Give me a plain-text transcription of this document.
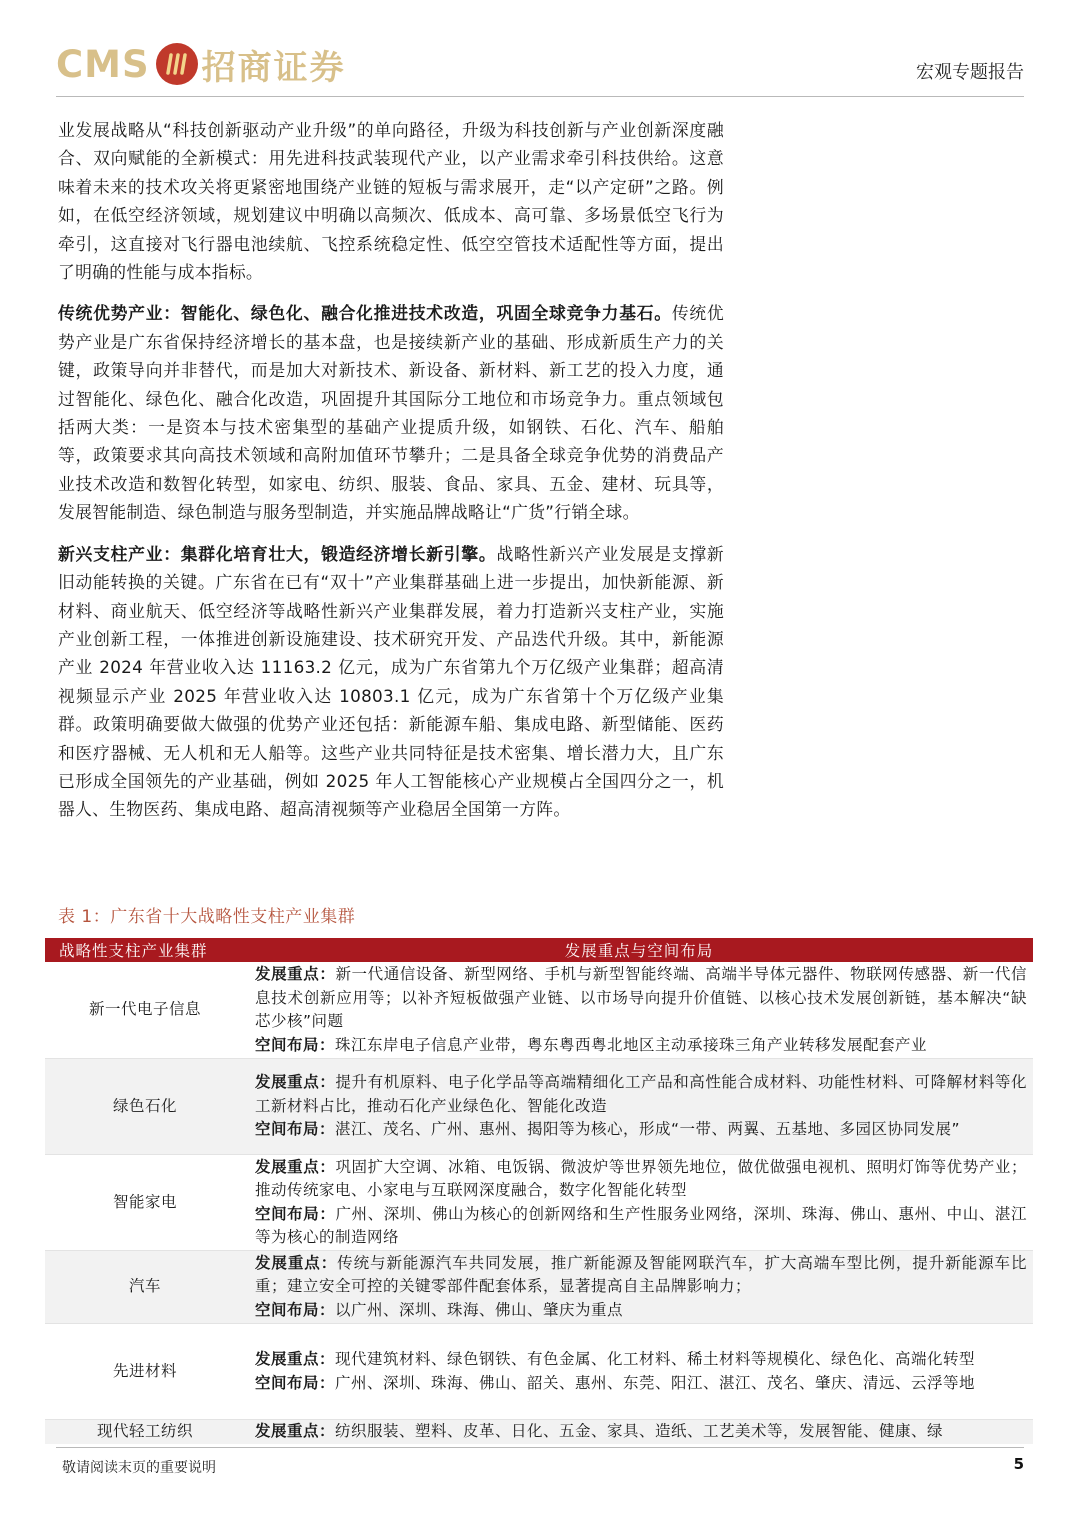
CMS 招商证券	宏观专题报告

业发展战略从“科技创新驱动产业升级”的单向路径，升级为科技创新与产业创新深度融合、双向赋能的全新模式：用先进科技武装现代产业，以产业需求牵引科技供给。这意味着未来的技术攻关将更紧密地围绕产业链的短板与需求展开，走“以产定研”之路。例如，在低空经济领域，规划建议中明确以高频次、低成本、高可靠、多场景低空飞行为牵引，这直接对飞行器电池续航、飞控系统稳定性、低空空管技术适配性等方面，提出了明确的性能与成本指标。

传统优势产业：智能化、绿色化、融合化推进技术改造，巩固全球竞争力基石。传统优势产业是广东省保持经济增长的基本盘，也是接续新产业的基础、形成新质生产力的关键，政策导向并非替代，而是加大对新技术、新设备、新材料、新工艺的投入力度，通过智能化、绿色化、融合化改造，巩固提升其国际分工地位和市场竞争力。重点领域包括两大类：一是资本与技术密集型的基础产业提质升级，如钢铁、石化、汽车、船舶等，政策要求其向高技术领域和高附加值环节攀升；二是具备全球竞争优势的消费品产业技术改造和数智化转型，如家电、纺织、服装、食品、家具、五金、建材、玩具等，发展智能制造、绿色制造与服务型制造，并实施品牌战略让“广货”行销全球。

新兴支柱产业：集群化培育壮大，锻造经济增长新引擎。战略性新兴产业发展是支撑新旧动能转换的关键。广东省在已有“双十”产业集群基础上进一步提出，加快新能源、新材料、商业航天、低空经济等战略性新兴产业集群发展，着力打造新兴支柱产业，实施产业创新工程，一体推进创新设施建设、技术研究开发、产品迭代升级。其中，新能源产业 2024 年营业收入达 11163.2 亿元，成为广东省第九个万亿级产业集群；超高清视频显示产业 2025 年营业收入达 10803.1 亿元，成为广东省第十个万亿级产业集群。政策明确要做大做强的优势产业还包括：新能源车船、集成电路、新型储能、医药和医疗器械、无人机和无人船等。这些产业共同特征是技术密集、增长潜力大，且广东已形成全国领先的产业基础，例如 2025 年人工智能核心产业规模占全国四分之一，机器人、生物医药、集成电路、超高清视频等产业稳居全国第一方阵。

表 1：广东省十大战略性支柱产业集群
战略性支柱产业集群	发展重点与空间布局
新一代电子信息	发展重点：新一代通信设备、新型网络、手机与新型智能终端、高端半导体元器件、物联网传感器、新一代信息技术创新应用等；以补齐短板做强产业链、以市场导向提升价值链、以核心技术发展创新链，基本解决“缺芯少核”问题
空间布局：珠江东岸电子信息产业带，粤东粤西粤北地区主动承接珠三角产业转移发展配套产业
绿色石化	发展重点：提升有机原料、电子化学品等高端精细化工产品和高性能合成材料、功能性材料、可降解材料等化工新材料占比，推动石化产业绿色化、智能化改造
空间布局：湛江、茂名、广州、惠州、揭阳等为核心，形成“一带、两翼、五基地、多园区协同发展”
智能家电	发展重点：巩固扩大空调、冰箱、电饭锅、微波炉等世界领先地位，做优做强电视机、照明灯饰等优势产业；推动传统家电、小家电与互联网深度融合，数字化智能化转型
空间布局：广州、深圳、佛山为核心的创新网络和生产性服务业网络，深圳、珠海、佛山、惠州、中山、湛江等为核心的制造网络
汽车	发展重点：传统与新能源汽车共同发展，推广新能源及智能网联汽车，扩大高端车型比例，提升新能源车比重；建立安全可控的关键零部件配套体系，显著提高自主品牌影响力；
空间布局：以广州、深圳、珠海、佛山、肇庆为重点
先进材料	发展重点：现代建筑材料、绿色钢铁、有色金属、化工材料、稀土材料等规模化、绿色化、高端化转型
空间布局：广州、深圳、珠海、佛山、韶关、惠州、东莞、阳江、湛江、茂名、肇庆、清远、云浮等地
现代轻工纺织	发展重点：纺织服装、塑料、皮革、日化、五金、家具、造纸、工艺美术等，发展智能、健康、绿
敬请阅读末页的重要说明	5
